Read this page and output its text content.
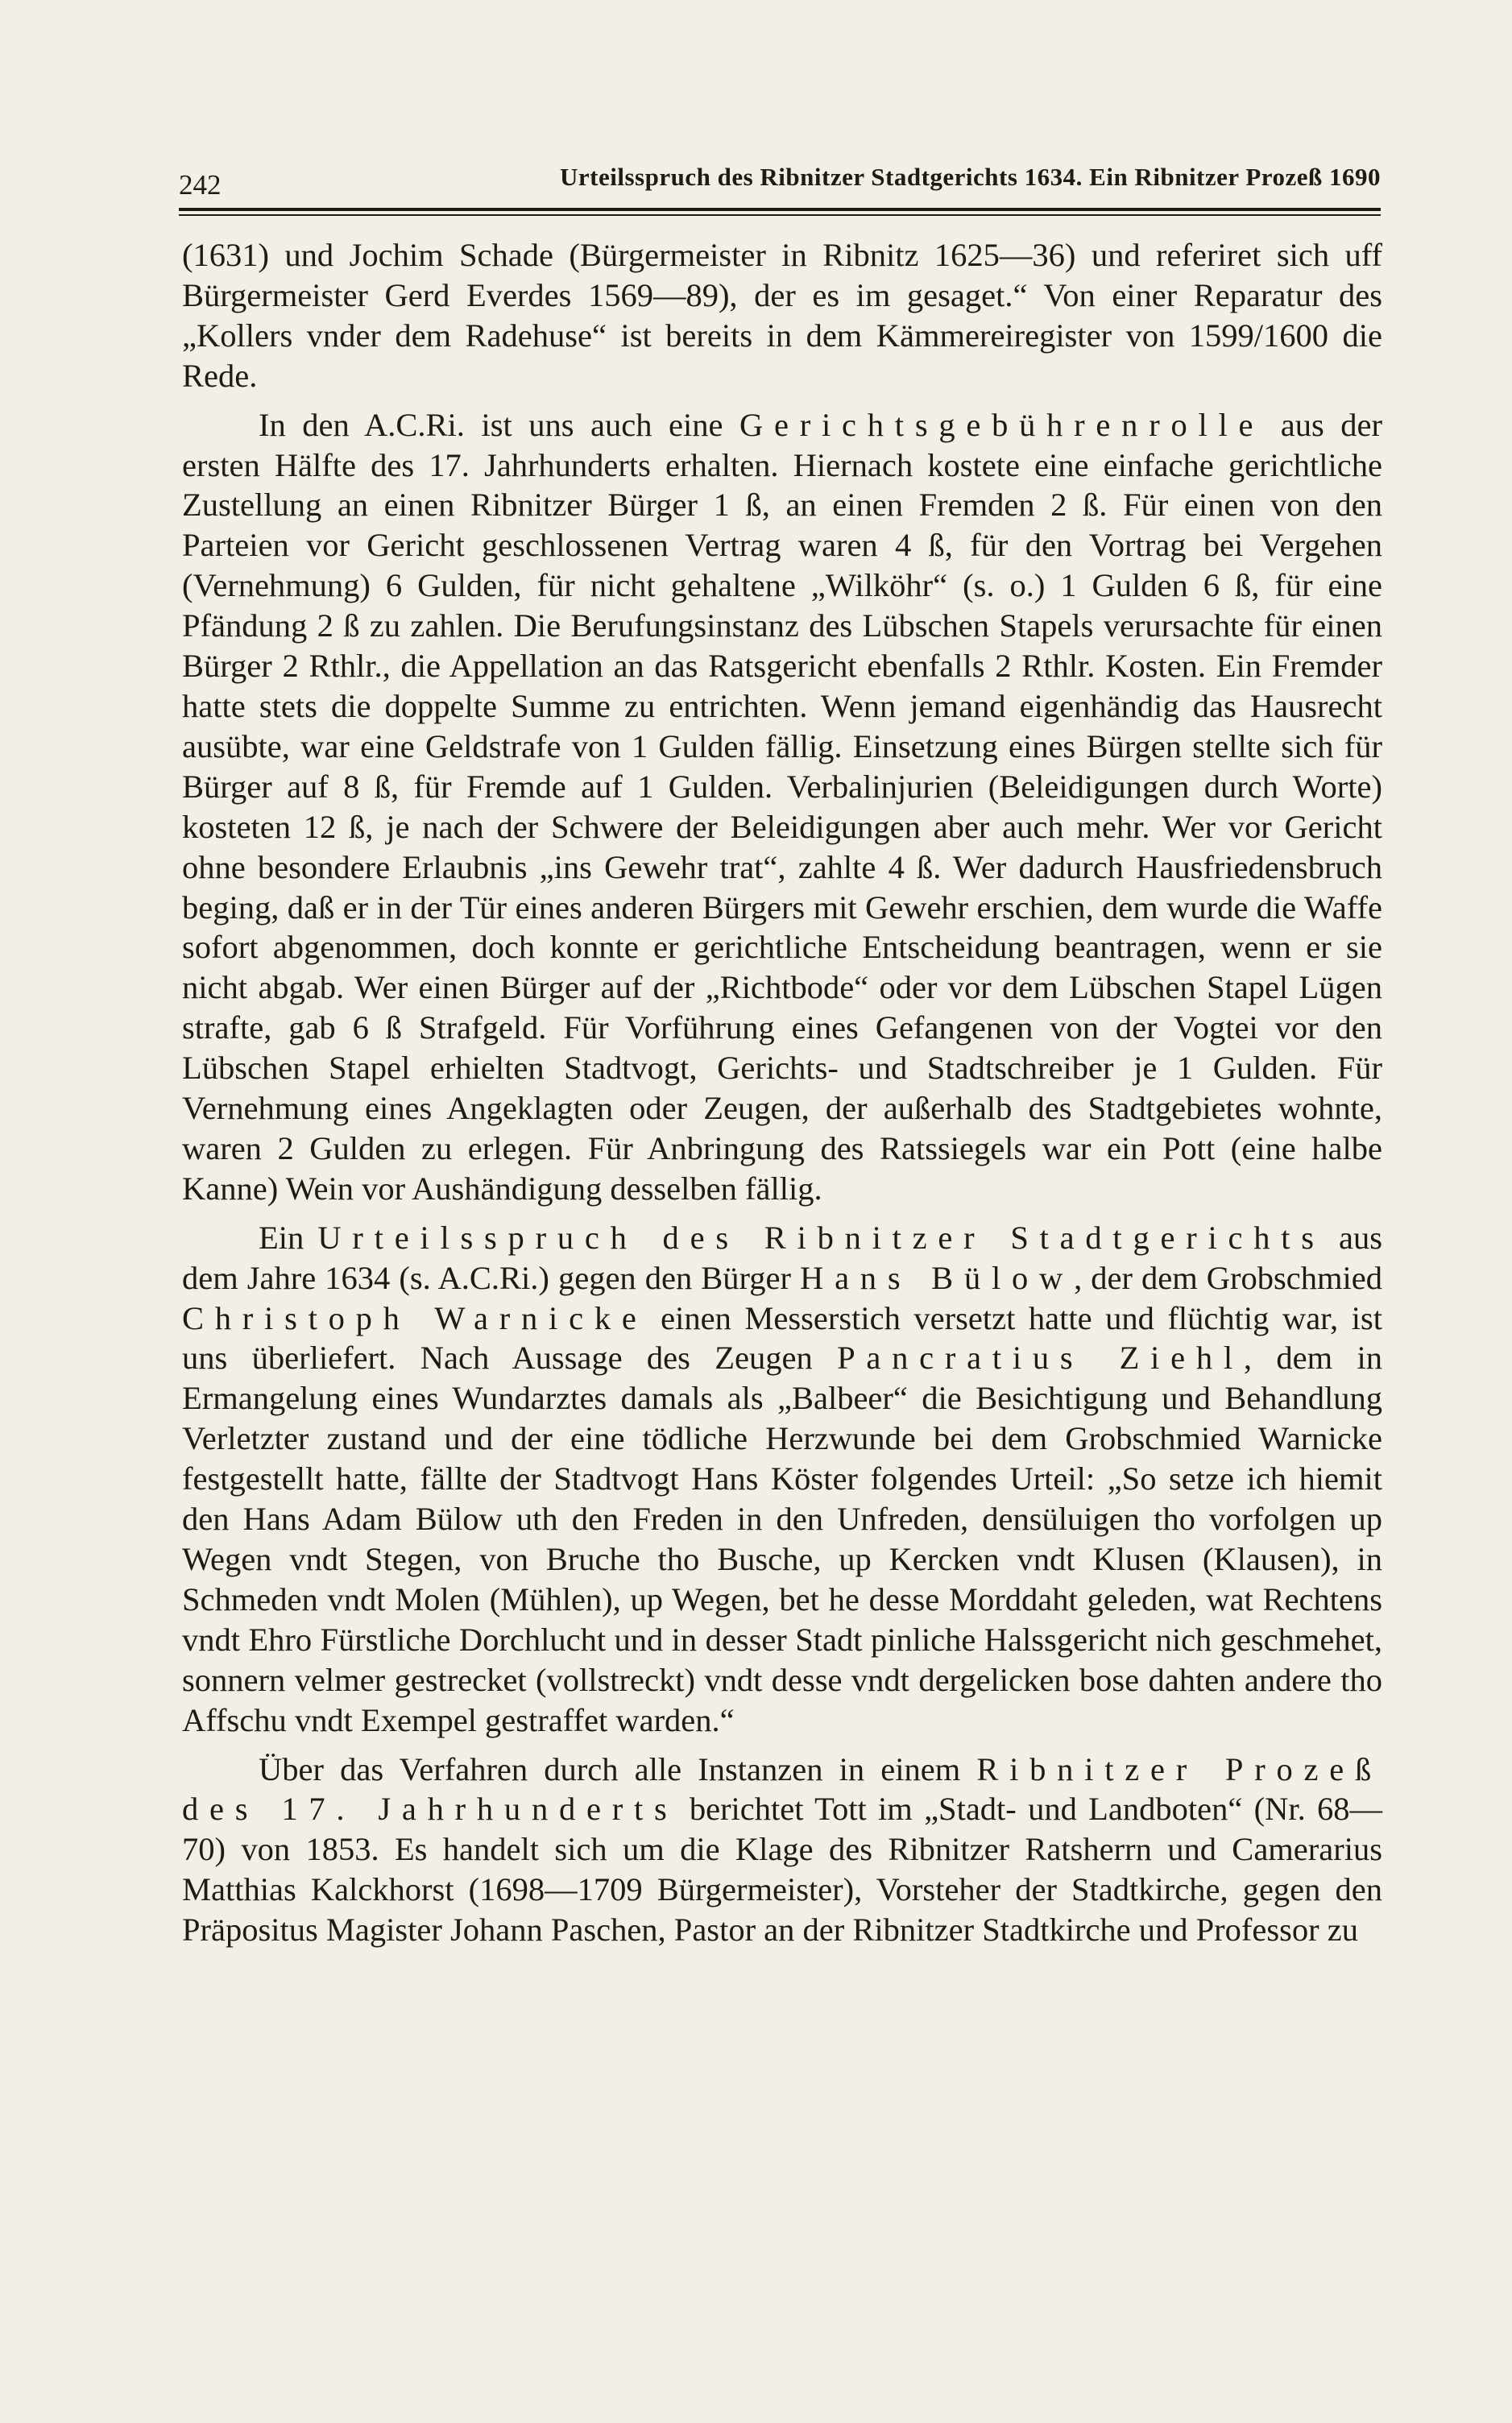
242	Urteilsspruch des Ribnitzer Stadtgerichts 1634. Ein Ribnitzer Prozeß 1690

(1631) und Jochim Schade (Bürgermeister in Ribnitz 1625—36) und referiret sich uff Bürgermeister Gerd Everdes 1569—89), der es im gesaget.“ Von einer Reparatur des „Kollers vnder dem Radehuse“ ist bereits in dem Kämmereiregister von 1599/1600 die Rede.

In den A.C.Ri. ist uns auch eine Gerichtsgebührenrolle aus der ersten Hälfte des 17. Jahrhunderts erhalten. Hiernach kostete eine einfache gerichtliche Zustellung an einen Ribnitzer Bürger 1 ß, an einen Fremden 2 ß. Für einen von den Parteien vor Gericht geschlossenen Vertrag waren 4 ß, für den Vortrag bei Vergehen (Vernehmung) 6 Gulden, für nicht gehaltene „Wilköhr“ (s. o.) 1 Gulden 6 ß, für eine Pfändung 2 ß zu zahlen. Die Berufungsinstanz des Lübschen Stapels verursachte für einen Bürger 2 Rthlr., die Appellation an das Ratsgericht ebenfalls 2 Rthlr. Kosten. Ein Fremder hatte stets die doppelte Summe zu entrichten. Wenn jemand eigenhändig das Hausrecht ausübte, war eine Geldstrafe von 1 Gulden fällig. Einsetzung eines Bürgen stellte sich für Bürger auf 8 ß, für Fremde auf 1 Gulden. Verbalinjurien (Beleidigungen durch Worte) kosteten 12 ß, je nach der Schwere der Beleidigungen aber auch mehr. Wer vor Gericht ohne besondere Erlaubnis „ins Gewehr trat“, zahlte 4 ß. Wer dadurch Hausfriedensbruch beging, daß er in der Tür eines anderen Bürgers mit Gewehr erschien, dem wurde die Waffe sofort abgenommen, doch konnte er gerichtliche Entscheidung beantragen, wenn er sie nicht abgab. Wer einen Bürger auf der „Richtbode“ oder vor dem Lübschen Stapel Lügen strafte, gab 6 ß Strafgeld. Für Vorführung eines Gefangenen von der Vogtei vor den Lübschen Stapel erhielten Stadtvogt, Gerichts- und Stadtschreiber je 1 Gulden. Für Vernehmung eines Angeklagten oder Zeugen, der außerhalb des Stadtgebietes wohnte, waren 2 Gulden zu erlegen. Für Anbringung des Ratssiegels war ein Pott (eine halbe Kanne) Wein vor Aushändigung desselben fällig.

Ein Urteilsspruch des Ribnitzer Stadtgerichts aus dem Jahre 1634 (s. A.C.Ri.) gegen den Bürger Hans Bülow, der dem Grobschmied Christoph Warnicke einen Messerstich versetzt hatte und flüchtig war, ist uns überliefert. Nach Aussage des Zeugen Pancratius Ziehl, dem in Ermangelung eines Wundarztes damals als „Balbeer“ die Besichtigung und Behandlung Verletzter zustand und der eine tödliche Herzwunde bei dem Grobschmied Warnicke festgestellt hatte, fällte der Stadtvogt Hans Köster folgendes Urteil: „So setze ich hiemit den Hans Adam Bülow uth den Freden in den Unfreden, densüluigen tho vorfolgen up Wegen vndt Stegen, von Bruche tho Busche, up Kercken vndt Klusen (Klausen), in Schmeden vndt Molen (Mühlen), up Wegen, bet he desse Morddaht geleden, wat Rechtens vndt Ehro Fürstliche Dorchlucht und in desser Stadt pinliche Halssgericht nich geschmehet, sonnern velmer gestrecket (vollstreckt) vndt desse vndt dergelicken bose dahten andere tho Affschu vndt Exempel gestraffet warden.“

Über das Verfahren durch alle Instanzen in einem Ribnitzer Prozeß des 17. Jahrhunderts berichtet Tott im „Stadt- und Landboten“ (Nr. 68—70) von 1853. Es handelt sich um die Klage des Ribnitzer Ratsherrn und Camerarius Matthias Kalckhorst (1698—1709 Bürgermeister), Vorsteher der Stadtkirche, gegen den Präpositus Magister Johann Paschen, Pastor an der Ribnitzer Stadtkirche und Professor zu
